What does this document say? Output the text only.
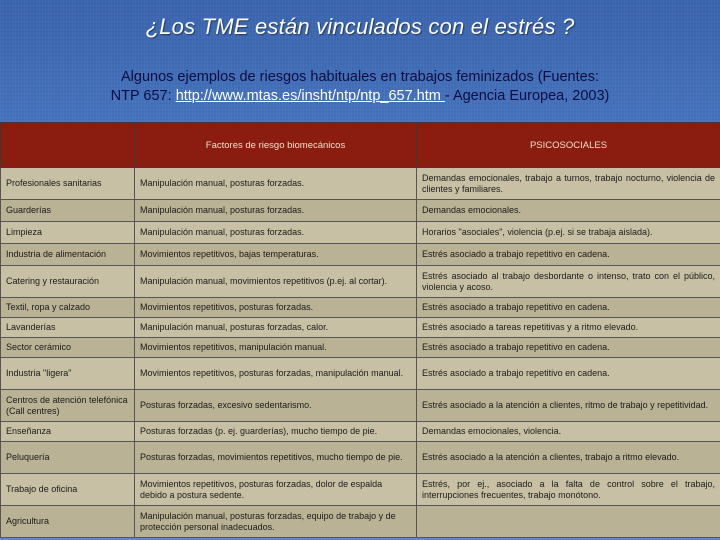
¿Los TME están vinculados con el estrés ?
Algunos ejemplos de riesgos habituales en trabajos feminizados (Fuentes:
NTP 657: http://www.mtas.es/insht/ntp/ntp_657.htm - Agencia Europea, 2003)
	Factores de riesgo biomecánicos	PSICOSOCIALES
Profesionales sanitarias	Manipulación manual, posturas forzadas.	Demandas emocionales, trabajo a turnos, trabajo nocturno, violencia de clientes y familiares.
Guarderías	Manipulación manual, posturas forzadas.	Demandas emocionales.
Limpieza	Manipulación manual, posturas forzadas.	Horarios "asociales", violencia (p.ej. si se trabaja aislada).
Industria de alimentación	Movimientos repetitivos, bajas temperaturas.	Estrés asociado a trabajo repetitivo en cadena.
Catering y restauración	Manipulación manual, movimientos repetitivos (p.ej. al cortar).	Estrés asociado al trabajo desbordante o intenso, trato con el público, violencia y acoso.
Textil, ropa y calzado	Movimientos repetitivos, posturas forzadas.	Estrés asociado a trabajo repetitivo en cadena.
Lavanderías	Manipulación manual, posturas forzadas, calor.	Estrés asociado a tareas repetitivas y a ritmo elevado.
Sector cerámico	Movimientos repetitivos, manipulación manual.	Estrés asociado a trabajo repetitivo en cadena.
Industria "ligera"	Movimientos repetitivos, posturas forzadas, manipulación manual.	Estrés asociado a trabajo repetitivo en cadena.
Centros de atención telefónica (Call centres)	Posturas forzadas, excesivo sedentarismo.	Estrés asociado a la atención a clientes, ritmo de trabajo y repetitividad.
Enseñanza	Posturas forzadas (p. ej. guarderías), mucho tiempo de pie.	Demandas emocionales, violencia.
Peluquería	Posturas forzadas, movimientos repetitivos, mucho tiempo de pie.	Estrés asociado a la atención a clientes, trabajo a ritmo elevado.
Trabajo de oficina	Movimientos repetitivos, posturas forzadas, dolor de espalda debido a postura sedente.	Estrés, por ej., asociado a la falta de control sobre el trabajo, interrupciones frecuentes, trabajo monótono.
Agricultura	Manipulación manual, posturas forzadas, equipo de trabajo y de protección personal inadecuados.	
